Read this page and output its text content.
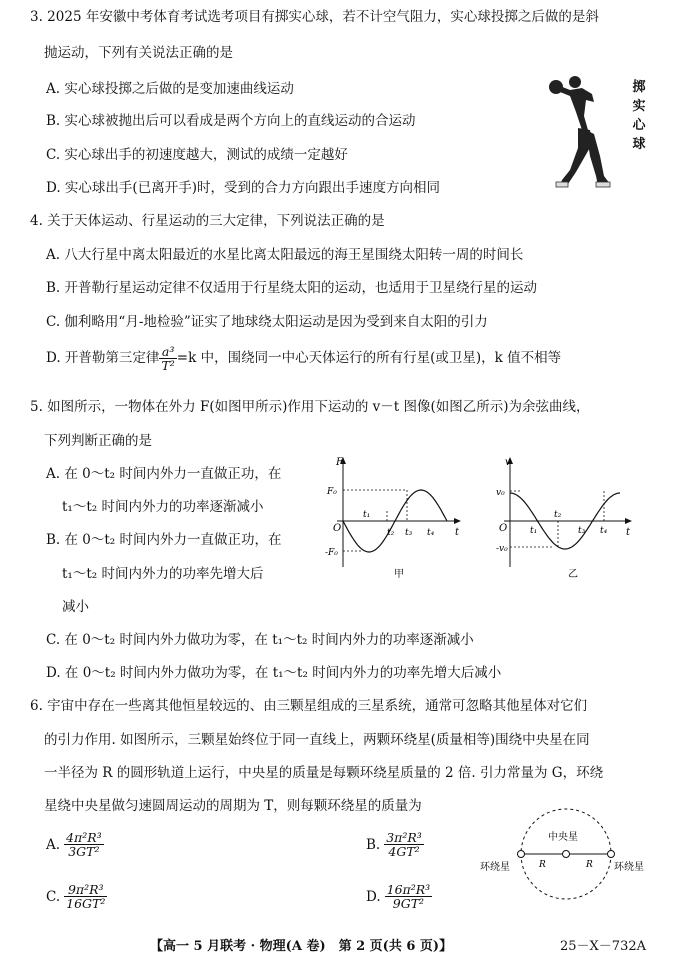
3. 2025 年安徽中考体育考试选考项目有掷实心球，若不计空气阻力，实心球投掷之后做的是斜
抛运动，下列有关说法正确的是
A. 实心球投掷之后做的是变加速曲线运动
B. 实心球被抛出后可以看成是两个方向上的直线运动的合运动
C. 实心球出手的初速度越大，测试的成绩一定越好
D. 实心球出手(已离开手)时，受到的合力方向跟出手速度方向相同
掷实心球
4. 关于天体运动、行星运动的三大定律，下列说法正确的是
A. 八大行星中离太阳最近的水星比离太阳最远的海王星围绕太阳转一周的时间长
B. 开普勒行星运动定律不仅适用于行星绕太阳的运动，也适用于卫星绕行星的运动
C. 伽利略用“月-地检验”证实了地球绕太阳运动是因为受到来自太阳的引力
D. 开普勒第三定律 $\frac{\text{a³}}{\text{T²}} =k$ 中，围绕同一中心天体运行的所有行星(或卫星)，k 值不相等
5. 如图所示，一物体在外力 F(如图甲所示)作用下运动的 v－t 图像(如图乙所示)为余弦曲线，
下列判断正确的是
A. 在 0～t₂ 时间内外力一直做正功，在
t₁～t₂ 时间内外力的功率逐渐减小
B. 在 0～t₂ 时间内外力一直做正功，在
t₁～t₂ 时间内外力的功率先增大后
减小
C. 在 0～t₂ 时间内外力做功为零，在 t₁～t₂ 时间内外力的功率逐渐减小
D. 在 0～t₂ 时间内外力做功为零，在 t₁～t₂ 时间内外力的功率先增大后减小
F
t
O
F₀
-F₀
t₁
t₂ t₃ t₄
甲
v
t
O
v₀
-v₀
t₁
t₂
t₃ t₄
乙
6. 宇宙中存在一些离其他恒星较远的、由三颗星组成的三星系统，通常可忽略其他星体对它们
的引力作用. 如图所示，三颗星始终位于同一直线上，两颗环绕星(质量相等)围绕中央星在同
一半径为 R 的圆形轨道上运行，中央星的质量是每颗环绕星质量的 2 倍. 引力常量为 G，环绕
星绕中央星做匀速圆周运动的周期为 T，则每颗环绕星的质量为
A. $\frac{\text{4π²R³}}{\text{3GT²}}$	B. $\frac{\text{3π²R³}}{\text{4GT²}}$
C. $\frac{\text{9π²R³}}{\text{16GT²}}$	D. $\frac{\text{16π²R³}}{\text{9GT²}}$
中央星
环绕星	环绕星
R	R
【高一 5 月联考 · 物理(A 卷)　第 2 页(共 6 页)】	25－X－732A
